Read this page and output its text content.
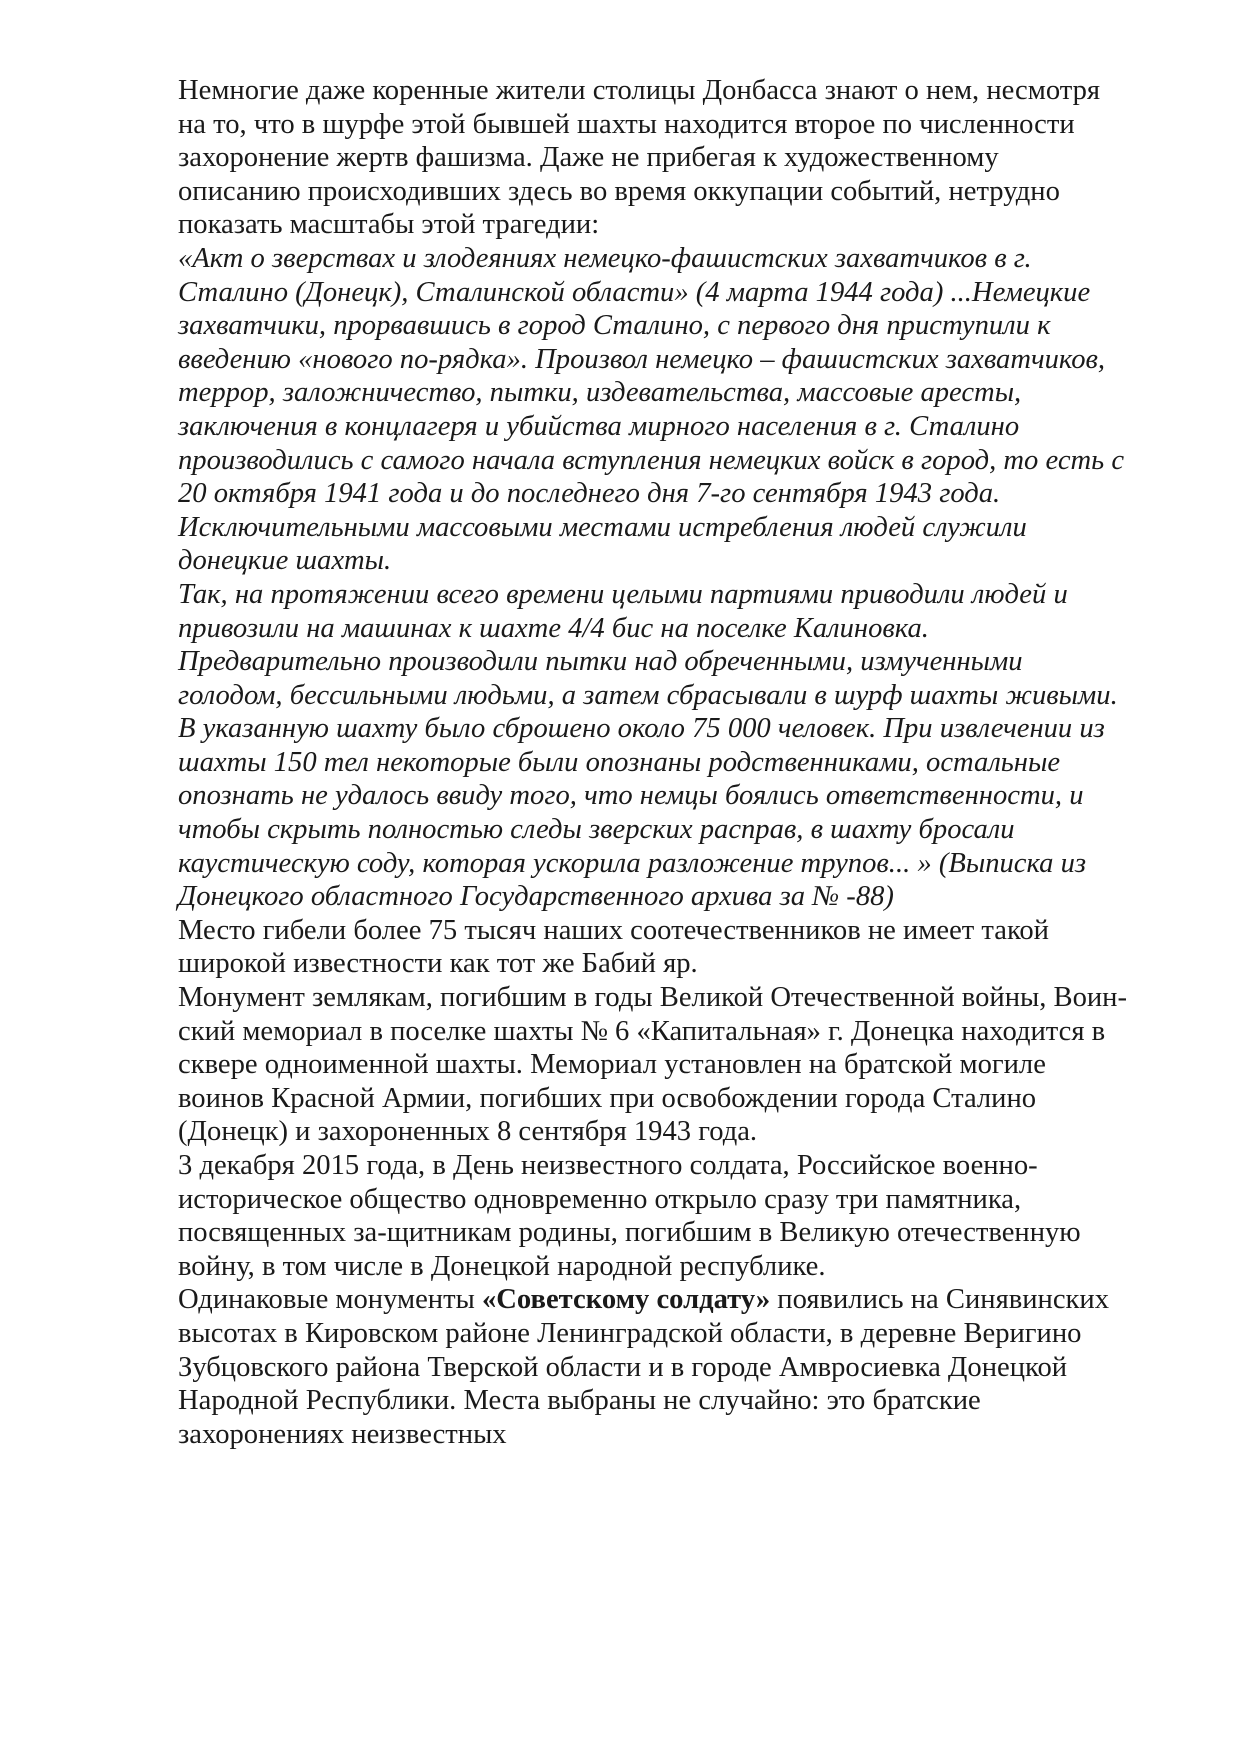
Немногие даже коренные жители столицы Донбасса знают о нем, несмотря
на то, что в шурфе этой бывшей шахты находится второе по численности
захоронение жертв фашизма. Даже не прибегая к художественному
описанию происходивших здесь во время оккупации событий, нетрудно
показать масштабы этой трагедии:
«Акт о зверствах и злодеяниях немецко-фашистских захватчиков в г.
Сталино (Донецк), Сталинской области» (4 марта 1944 года) ...Немецкие
захватчики, прорвавшись в город Сталино, с первого дня приступили к
введению «нового по-рядка». Произвол немецко – фашистских захватчиков,
террор, заложничество, пытки, издевательства, массовые аресты,
заключения в концлагеря и убийства мирного населения в г. Сталино
производились с самого начала вступления немецких войск в город, то есть с
20 октября 1941 года и до последнего дня 7-го сентября 1943 года.
Исключительными массовыми местами истребления людей служили
донецкие шахты.
Так, на протяжении всего времени целыми партиями приводили людей и
привозили на машинах к шахте 4/4 бис на поселке Калиновка.
Предварительно производили пытки над обреченными, измученными
голодом, бессильными людьми, а затем сбрасывали в шурф шахты живыми.
В указанную шахту было сброшено около 75 000 человек. При извлечении из
шахты 150 тел некоторые были опознаны родственниками, остальные
опознать не удалось ввиду того, что немцы боялись ответственности, и
чтобы скрыть полностью следы зверских расправ, в шахту бросали
каустическую соду, которая ускорила разложение трупов... » (Выписка из
Донецкого областного Государственного архива за № -88)
Место гибели более 75 тысяч наших соотечественников не имеет такой
широкой известности как тот же Бабий яр.
Монумент землякам, погибшим в годы Великой Отечественной войны, Воин-
ский мемориал в поселке шахты № 6 «Капитальная» г. Донецка находится в
сквере одноименной шахты. Мемориал установлен на братской могиле
воинов Красной Армии, погибших при освобождении города Сталино
(Донецк) и захороненных 8 сентября 1943 года.
3 декабря 2015 года, в День неизвестного солдата, Российское военно-
историческое общество одновременно открыло сразу три памятника,
посвященных за-щитникам родины, погибшим в Великую отечественную
войну, в том числе в Донецкой народной республике.
Одинаковые монументы «Советскому солдату» появились на Синявинских
высотах в Кировском районе Ленинградской области, в деревне Веригино
Зубцовского района Тверской области и в городе Амвросиевка Донецкой
Народной Республики. Места выбраны не случайно: это братские
захоронениях неизвестных
